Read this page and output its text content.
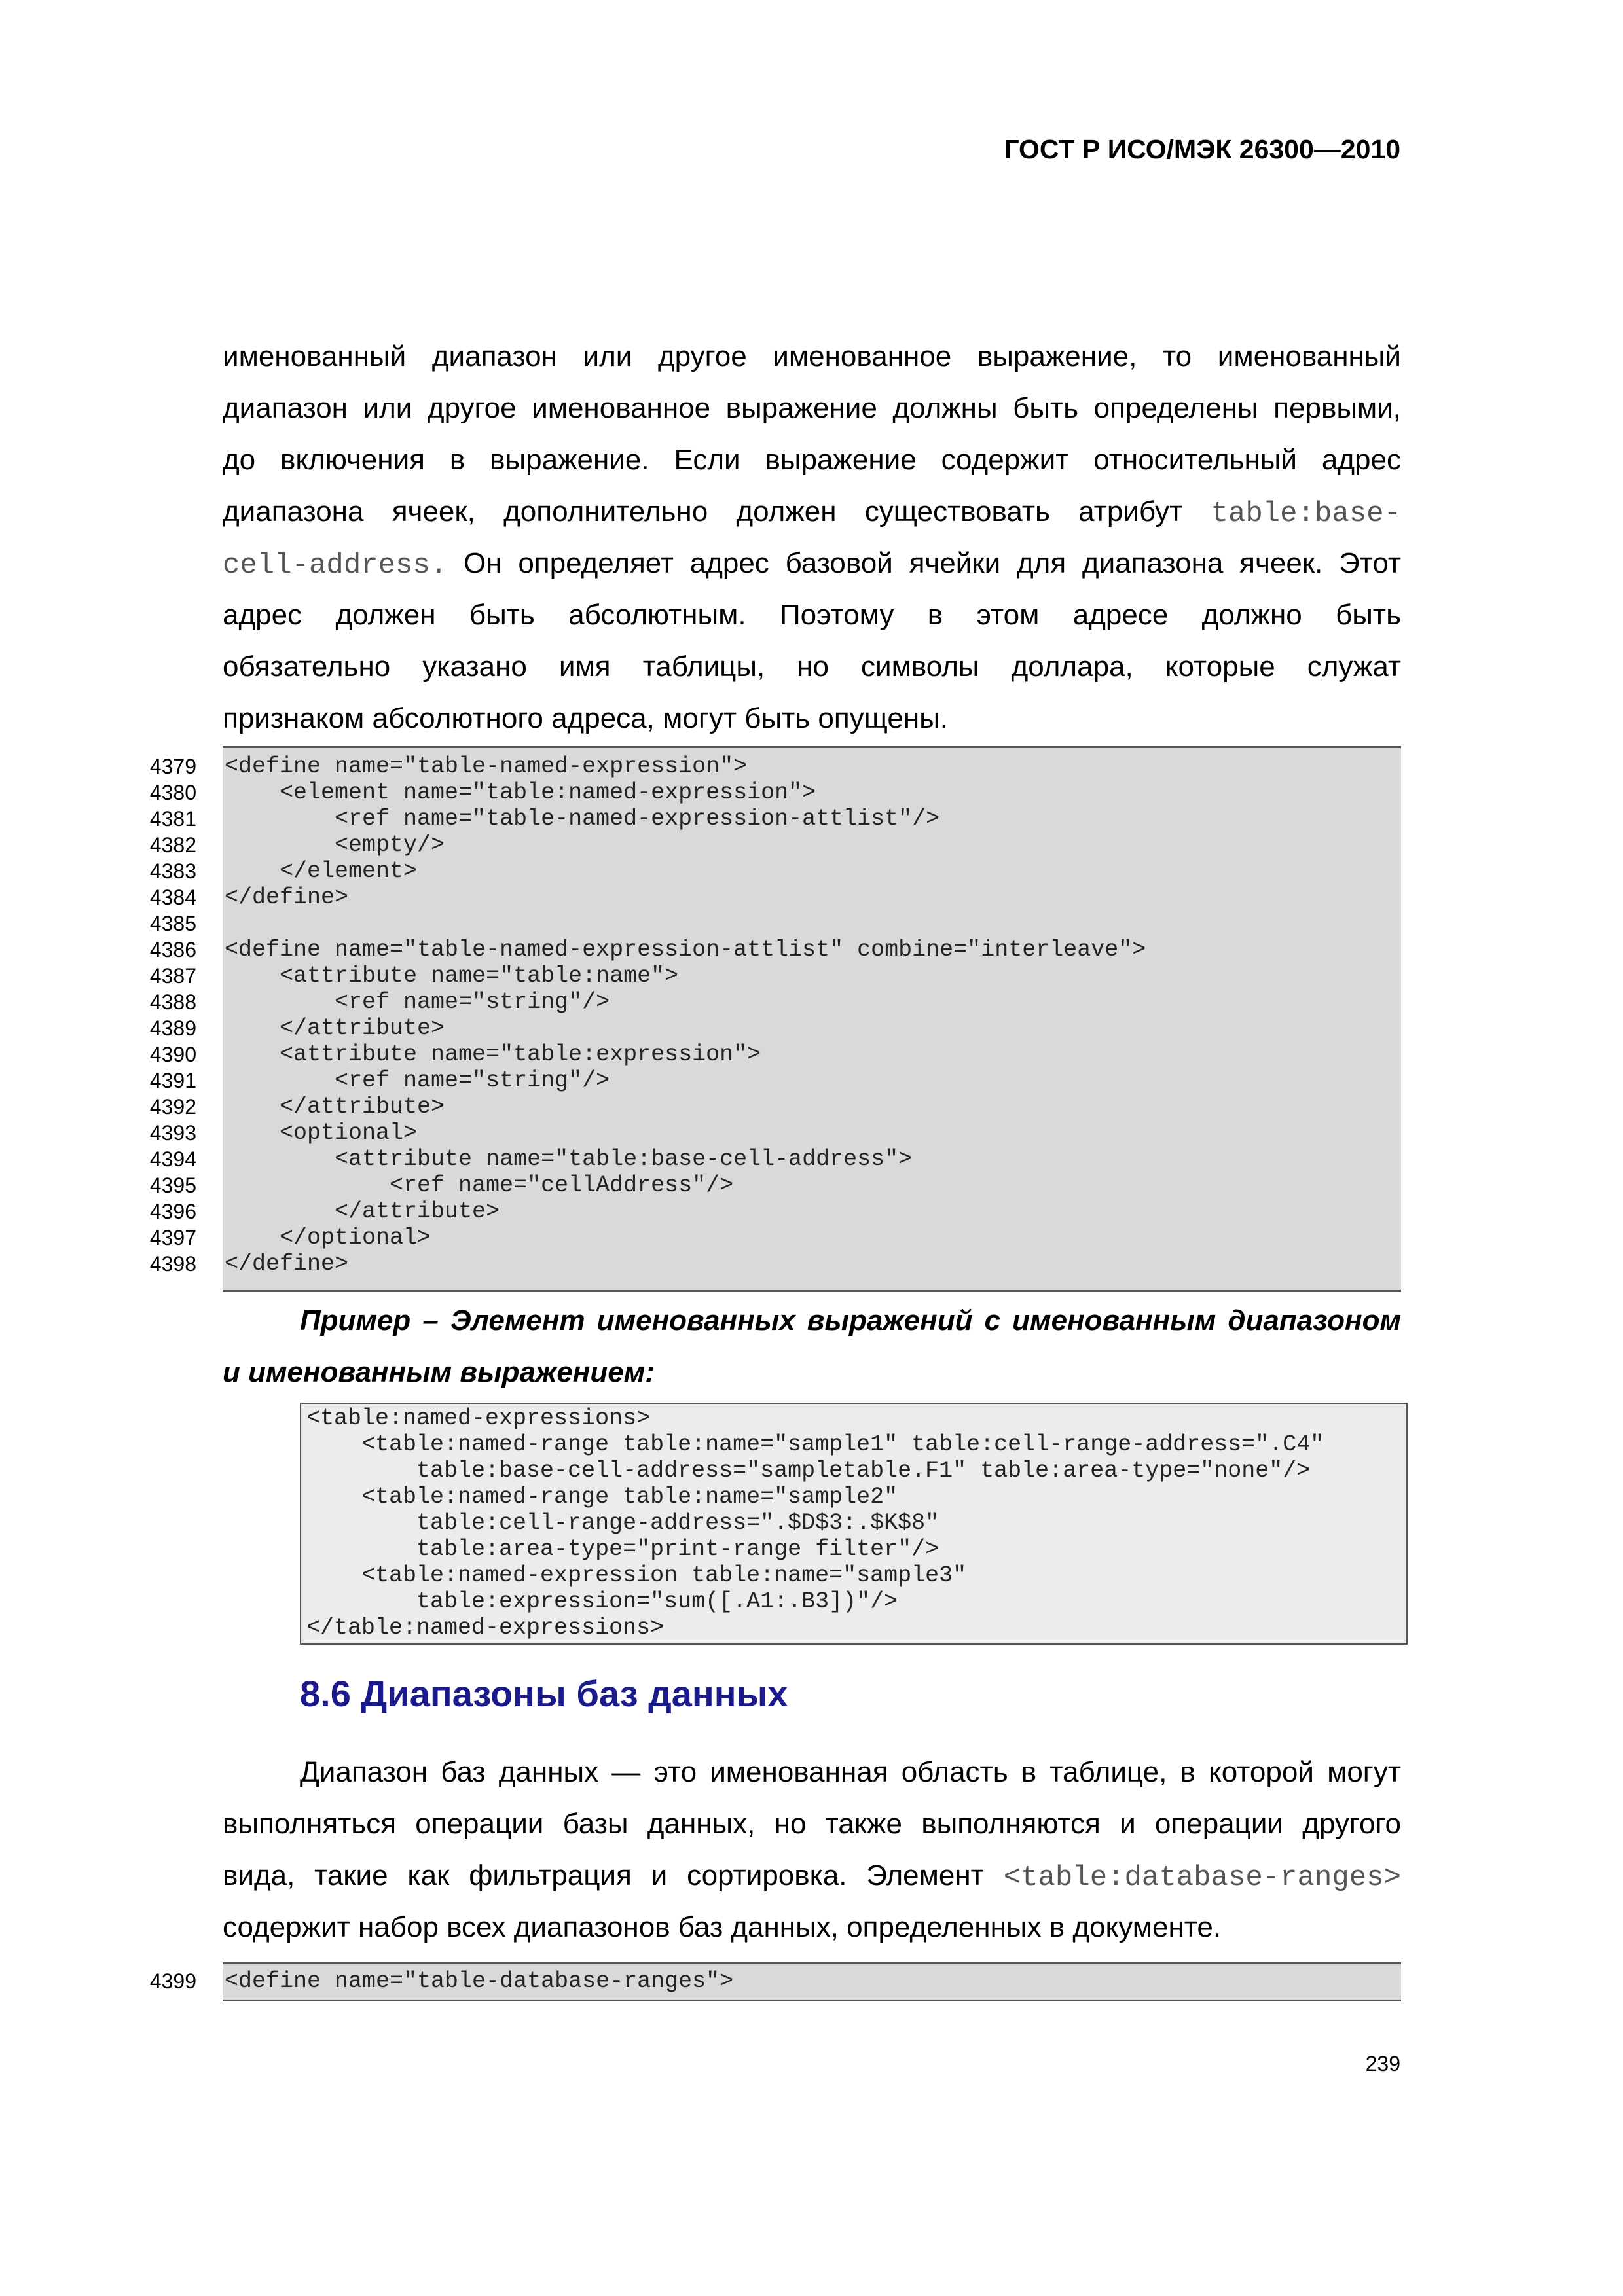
ГОСТ Р ИСО/МЭК 26300—2010
именованный диапазон или другое именованное выражение, то именованный
диапазон или другое именованное выражение должны быть определены первыми,
до включения в выражение. Если выражение содержит относительный адрес
диапазона ячеек, дополнительно должен существовать атрибут table:base-
cell-address. Он определяет адрес базовой ячейки для диапазона ячеек. Этот
адрес должен быть абсолютным. Поэтому в этом адресе должно быть
обязательно указано имя таблицы, но символы доллара, которые служат
признаком абсолютного адреса, могут быть опущены.
4379 <define name="table-named-expression">
4380 <element name="table:named-expression">
4381 <ref name="table-named-expression-attlist"/>
4382 <empty/>
4383 </element>
4384 </define>
4385
4386 <define name="table-named-expression-attlist" combine="interleave">
4387 <attribute name="table:name">
4388 <ref name="string"/>
4389 </attribute>
4390 <attribute name="table:expression">
4391 <ref name="string"/>
4392 </attribute>
4393 <optional>
4394 <attribute name="table:base-cell-address">
4395 <ref name="cellAddress"/>
4396 </attribute>
4397 </optional>
4398 </define>
Пример – Элемент именованных выражений с именованным диапазоном
и именованным выражением:
<table:named-expressions>
<table:named-range table:name="sample1" table:cell-range-address=".C4"
table:base-cell-address="sampletable.F1" table:area-type="none"/>
<table:named-range table:name="sample2"
table:cell-range-address=".$D$3:.$K$8"
table:area-type="print-range filter"/>
<table:named-expression table:name="sample3"
table:expression="sum([.A1:.B3])"/>
</table:named-expressions>
8.6 Диапазоны баз данных
Диапазон баз данных — это именованная область в таблице, в которой могут
выполняться операции базы данных, но также выполняются и операции другого
вида, такие как фильтрация и сортировка. Элемент <table:database-ranges>
содержит набор всех диапазонов баз данных, определенных в документе.
4399 <define name="table-database-ranges">
239
